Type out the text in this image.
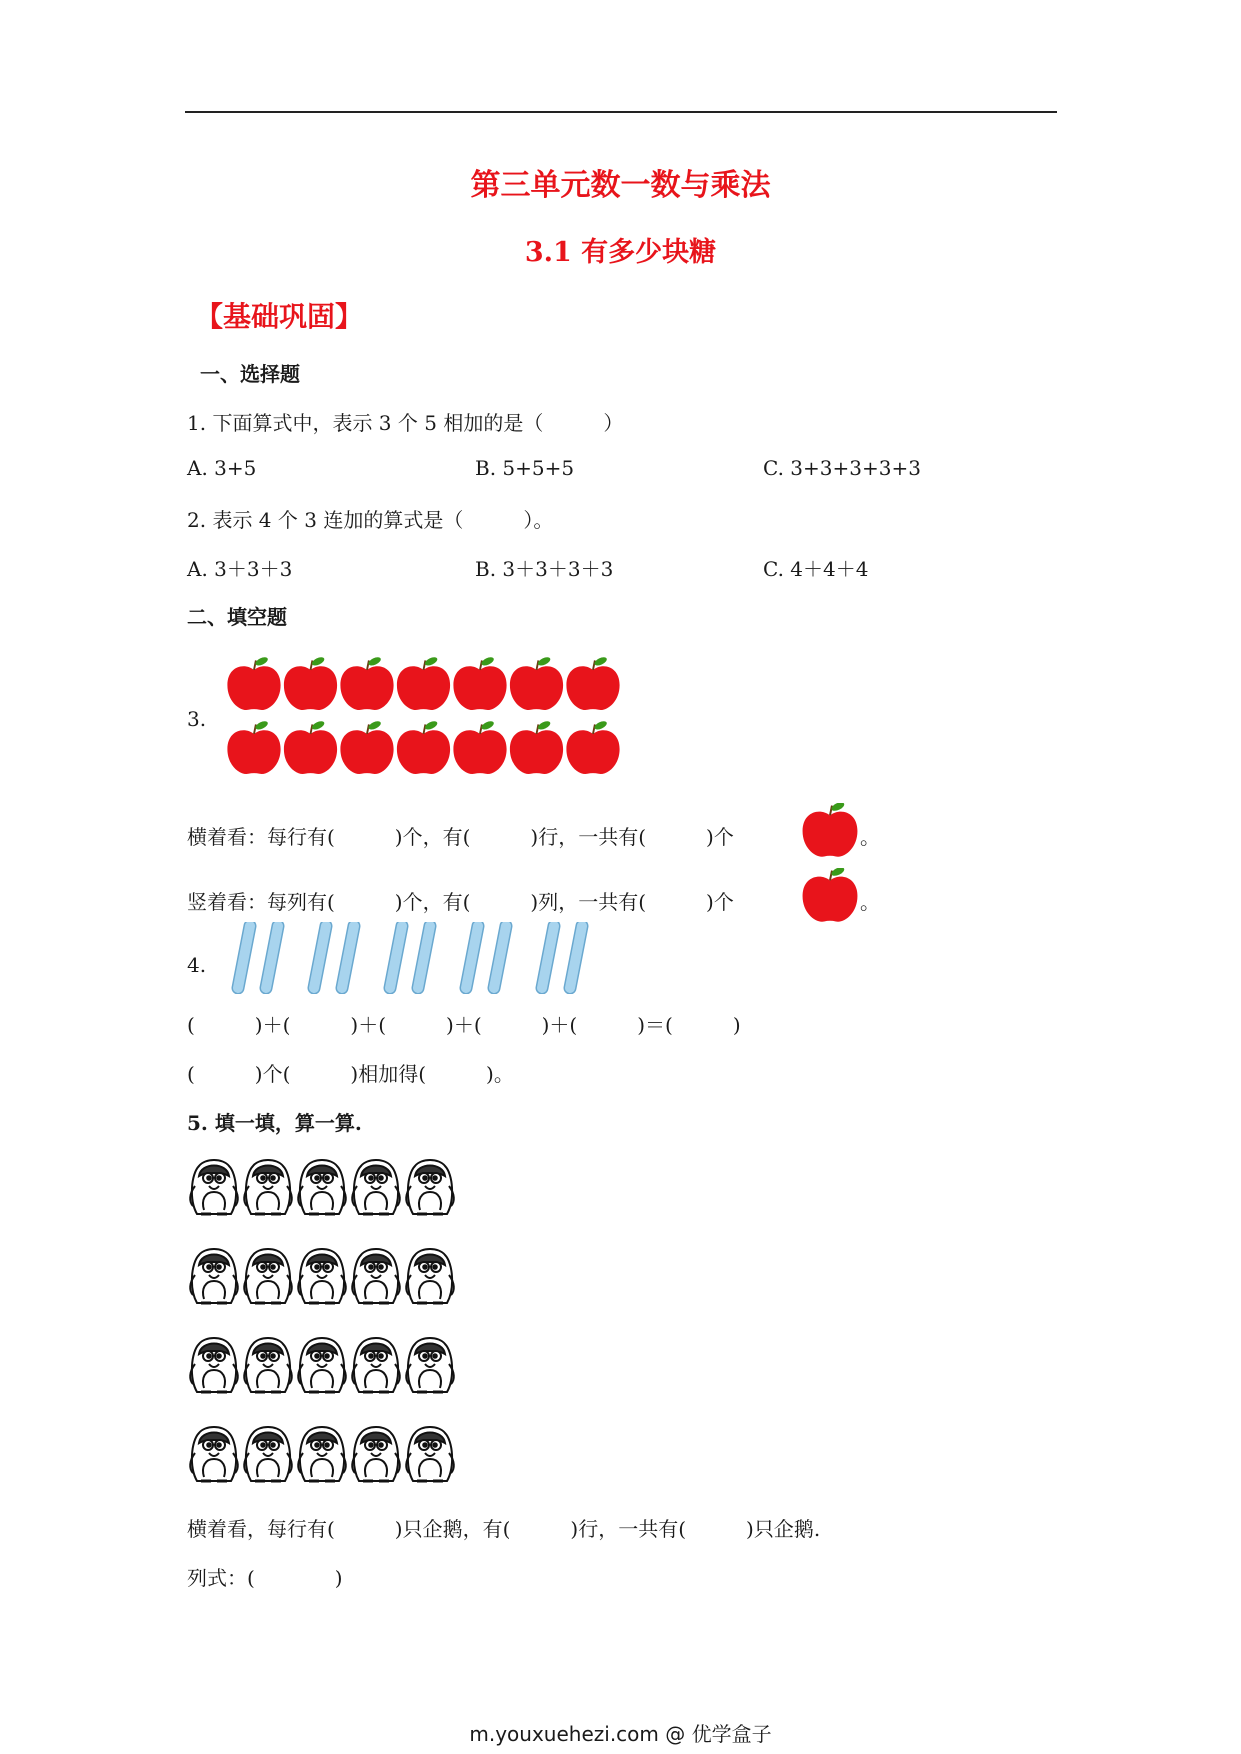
第三单元数一数与乘法
3.1 有多少块糖
【基础巩固】
一、选择题
1. 下面算式中，表示 3 个 5 相加的是（　　　）
A. 3+5	B. 5+5+5	C. 3+3+3+3+3
2. 表示 4 个 3 连加的算式是（　　　）。
A. 3＋3＋3	B. 3＋3＋3＋3	C. 4＋4＋4
二、填空题
3.
横着看：每行有(　　　)个，有(　　　)行，一共有(　　　)个	。
竖着看：每列有(　　　)个，有(　　　)列，一共有(　　　)个	。
4.
(　　　)＋(　　　)＋(　　　)＋(　　　)＋(　　　)＝(　　　)
(　　　)个(　　　)相加得(　　　)。
5. 填一填，算一算.
横着看，每行有(　　　)只企鹅，有(　　　)行，一共有(　　　)只企鹅.
列式：(　　　　)
m.youxuehezi.com @ 优学盒子
